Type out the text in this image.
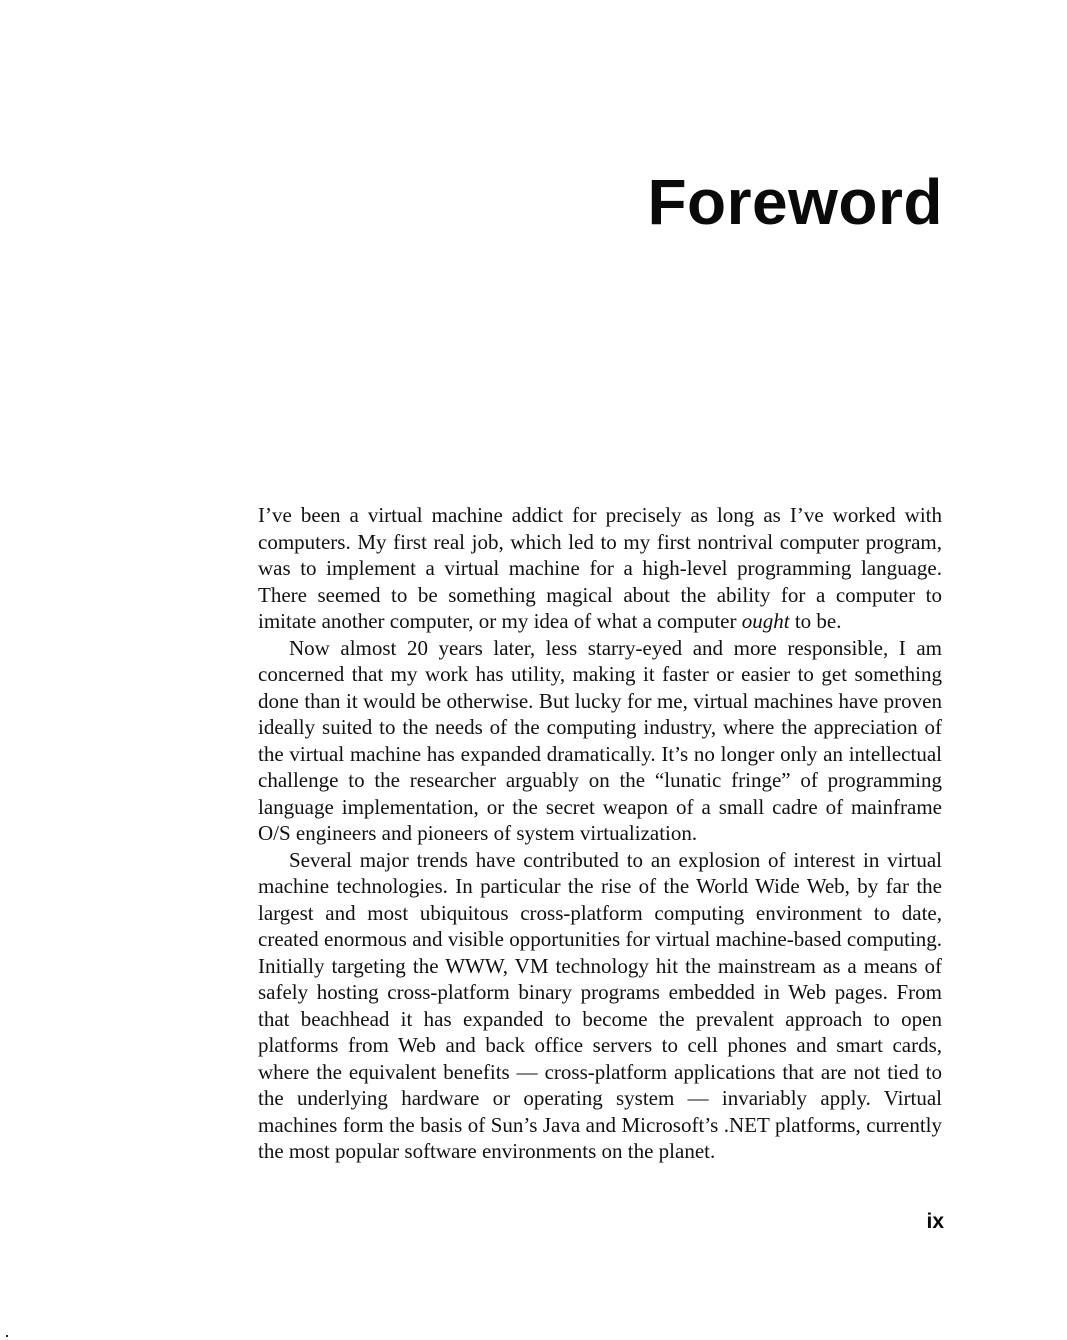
Foreword

I’ve been a virtual machine addict for precisely as long as I’ve worked with computers. My first real job, which led to my first nontrival computer program, was to implement a virtual machine for a high-level programming language. There seemed to be something magical about the ability for a computer to imitate another computer, or my idea of what a computer ought to be.

Now almost 20 years later, less starry-eyed and more responsible, I am concerned that my work has utility, making it faster or easier to get something done than it would be otherwise. But lucky for me, virtual machines have proven ideally suited to the needs of the computing industry, where the appreciation of the virtual machine has expanded dramatically. It’s no longer only an intellectual challenge to the researcher arguably on the “lunatic fringe” of programming language implementation, or the secret weapon of a small cadre of mainframe O/S engineers and pioneers of system virtualization.

Several major trends have contributed to an explosion of interest in virtual machine technologies. In particular the rise of the World Wide Web, by far the largest and most ubiquitous cross-platform computing environment to date, created enormous and visible opportunities for virtual machine-based computing. Initially targeting the WWW, VM technology hit the mainstream as a means of safely hosting cross-platform binary programs embedded in Web pages. From that beachhead it has expanded to become the prevalent approach to open platforms from Web and back office servers to cell phones and smart cards, where the equivalent benefits — cross-platform applications that are not tied to the underlying hardware or operating system — invariably apply. Virtual machines form the basis of Sun’s Java and Microsoft’s .NET platforms, currently the most popular software environments on the planet.

ix
